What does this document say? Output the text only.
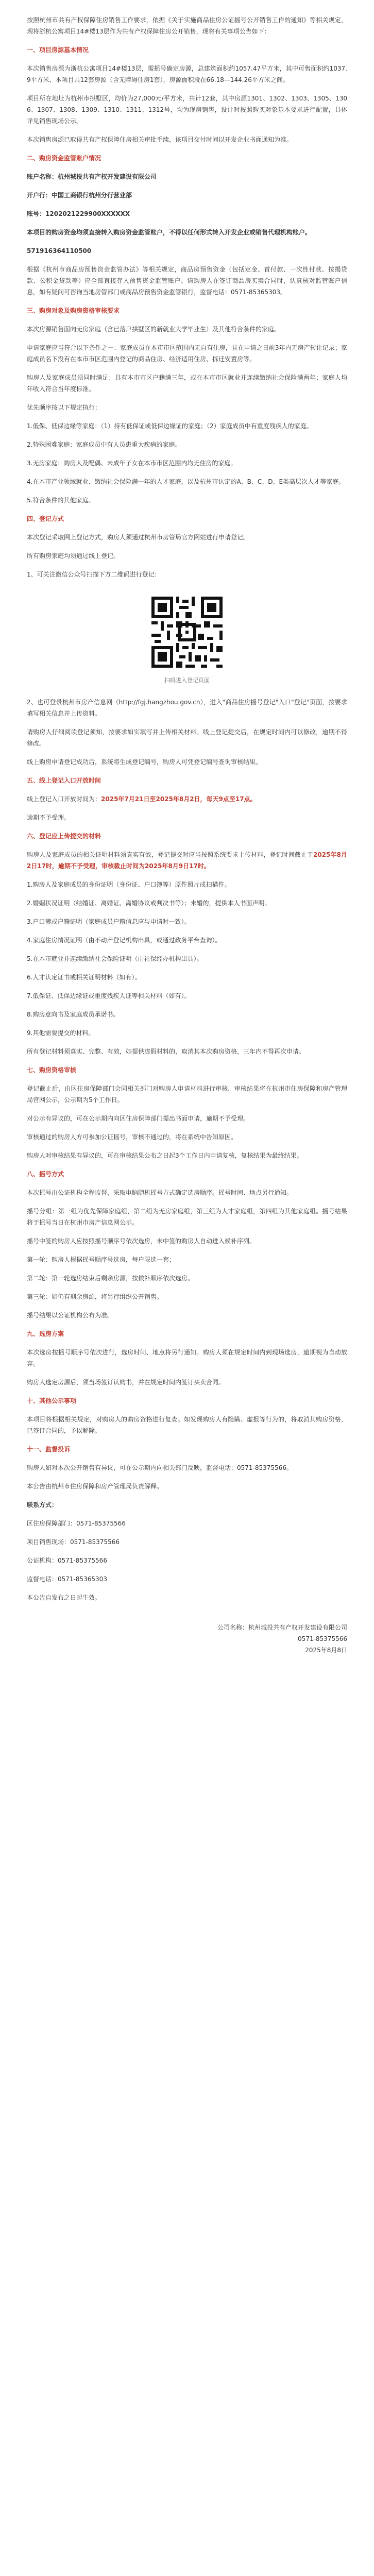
按照杭州市共有产权保障住房销售工作要求，依据《关于实施商品住房公证摇号公开销售工作的通知》等相关规定，现将浙杭公寓项目14#楼13层作为共有产权保障住房公开销售，现将有关事项公告如下：

一、项目房源基本情况

本次销售房源为浙杭公寓项目14#楼13层，需摇号确定房源，总建筑面积约1057.47平方米，其中可售面积约1037.9平方米，本项目共12套房源（含无障碍住房1套），房源面积段在66.18—144.26平方米之间。

项目所在地址为杭州市拱墅区，均价为27,000元/平方米，共计12套，其中房源1301、1302、1303、1305、1306、1307、1308、1309、1310、1311、1312号，均为现房销售，设计时按照购买对象基本要求进行配置，具体详见销售现场公示。

本次销售房源已取得共有产权保障住房相关审批手续，该项目交付时间以开发企业书面通知为准。

二、购房资金监管账户情况

账户名称：杭州城投共有产权开发建设有限公司

开户行：中国工商银行杭州分行营业部

账号：1202021229900XXXXXX

本项目的购房资金均须直接转入购房资金监管账户，不得以任何形式转入开发企业或销售代理机构账户。

571916364110500

根据《杭州市商品房预售资金监管办法》等相关规定，商品房预售资金（包括定金、首付款、一次性付款、按揭贷款、公积金贷款等）应全部直接存入预售资金监管账户。请购房人在签订商品房买卖合同时，认真核对监管账户信息，如有疑问可咨询当地房管部门或商品房预售资金监管银行，监督电话：0571-85365303。

三、购房对象及购房资格审核要求

本次房源销售面向无房家庭（含已落户拱墅区的新就业大学毕业生）及其他符合条件的家庭。

申请家庭应当符合以下条件之一：家庭成员在本市市区范围内无自有住房，且在申请之日前3年内无房产转让记录；家庭成员名下没有在本市市区范围内登记的商品住房、经济适用住房、拆迁安置房等。

购房人及家庭成员须同时满足：具有本市市区户籍满三年，或在本市市区就业并连续缴纳社会保险满两年；家庭人均年收入符合当年度标准。

优先顺序按以下规定执行：

1.低保、低保边缘等家庭：（1）持有低保证或低保边缘证的家庭；（2）家庭成员中有重度残疾人的家庭。

2.特殊困难家庭：家庭成员中有人员患重大疾病的家庭。

3.无房家庭：购房人及配偶、未成年子女在本市市区范围内均无住房的家庭。

4.在本市产业领域就业、缴纳社会保险满一年的人才家庭，以及杭州市认定的A、B、C、D、E类高层次人才等家庭。

5.符合条件的其他家庭。

四、登记方式

本次登记采取网上登记方式，购房人须通过杭州市房管局官方网站进行申请登记。

所有购房家庭均须通过线上登记。

1、可关注微信公众号扫描下方二维码进行登记：

扫码进入登记页面

2、也可登录杭州市房产信息网（http://fgj.hangzhou.gov.cn），进入"商品住房摇号登记"入口"登记"页面，按要求填写相关信息并上传资料。

请购房人仔细阅读登记须知，按要求如实填写并上传相关材料。线上登记提交后，在规定时间内可以修改，逾期不得修改。

线上购房申请登记成功后，系统将生成登记编号，购房人可凭登记编号查询审核结果。

五、线上登记入口开放时间

线上登记入口开放时间为：2025年7月21日至2025年8月2日，每天9点至17点。

逾期不予受理。

六、登记应上传提交的材料

购房人及家庭成员的相关证明材料须真实有效，登记提交时应当按照系统要求上传材料，登记时间截止于2025年8月2日17时，逾期不予受理，审核截止时间为2025年8月9日17时。

1.购房人及家庭成员的身份证明（身份证、户口簿等）原件照片或扫描件。

2.婚姻状况证明（结婚证、离婚证、离婚协议或判决书等）；未婚的，提供本人书面声明。

3.户口簿或户籍证明（家庭成员户籍信息应与申请时一致）。

4.家庭住房情况证明（由不动产登记机构出具，或通过政务平台查询）。

5.在本市就业并连续缴纳社会保险证明（由社保经办机构出具）。

6.人才认定证书或相关证明材料（如有）。

7.低保证、低保边缘证或重度残疾人证等相关材料（如有）。

8.购房意向书及家庭成员承诺书。

9.其他需要提交的材料。

所有登记材料须真实、完整、有效，如提供虚假材料的，取消其本次购房资格，三年内不得再次申请。

七、购房资格审核

登记截止后，由区住房保障部门会同相关部门对购房人申请材料进行审核，审核结果将在杭州市住房保障和房产管理局官网公示，公示期为5个工作日。

对公示有异议的，可在公示期内向区住房保障部门提出书面申请，逾期不予受理。

审核通过的购房人方可参加公证摇号，审核不通过的，将在系统中告知原因。

购房人对审核结果有异议的，可在审核结果公布之日起3个工作日内申请复核，复核结果为最终结果。

八、摇号方式

本次摇号由公证机构全程监督，采取电脑随机摇号方式确定选房顺序。摇号时间、地点另行通知。

摇号分组：第一组为优先保障家庭组，第二组为无房家庭组，第三组为人才家庭组，第四组为其他家庭组。摇号结果将于摇号当日在杭州市房产信息网公示。

摇号中签的购房人应按照摇号顺序号依次选房，未中签的购房人自动进入候补序列。

第一轮：购房人根据摇号顺序号选房，每户限选一套；

第二轮：第一轮选房结束后剩余房源，按候补顺序依次选房。

第三轮：如仍有剩余房源，将另行组织公开销售。

摇号结果以公证机构公布为准。

九、选房方案

本次选房按摇号顺序号依次进行，选房时间、地点将另行通知。购房人须在规定时间内到现场选房，逾期视为自动放弃。

购房人选定房源后，须当场签订认购书，并在规定时间内签订买卖合同。

十、其他公示事项

本项目将根据相关规定，对购房人的购房资格进行复查。如发现购房人有隐瞒、虚报等行为的，将取消其购房资格，已签订合同的，予以解除。

十一、监督投诉

购房人如对本次公开销售有异议，可在公示期内向相关部门反映，监督电话：0571-85375566。

本公告由杭州市住房保障和房产管理局负责解释。

联系方式：

区住房保障部门：0571-85375566

项目销售现场：0571-85375566

公证机构：0571-85375566

监督电话：0571-85365303

本公告自发布之日起生效。

公司名称：杭州城投共有产权开发建设有限公司

0571-85375566

2025年8月8日
